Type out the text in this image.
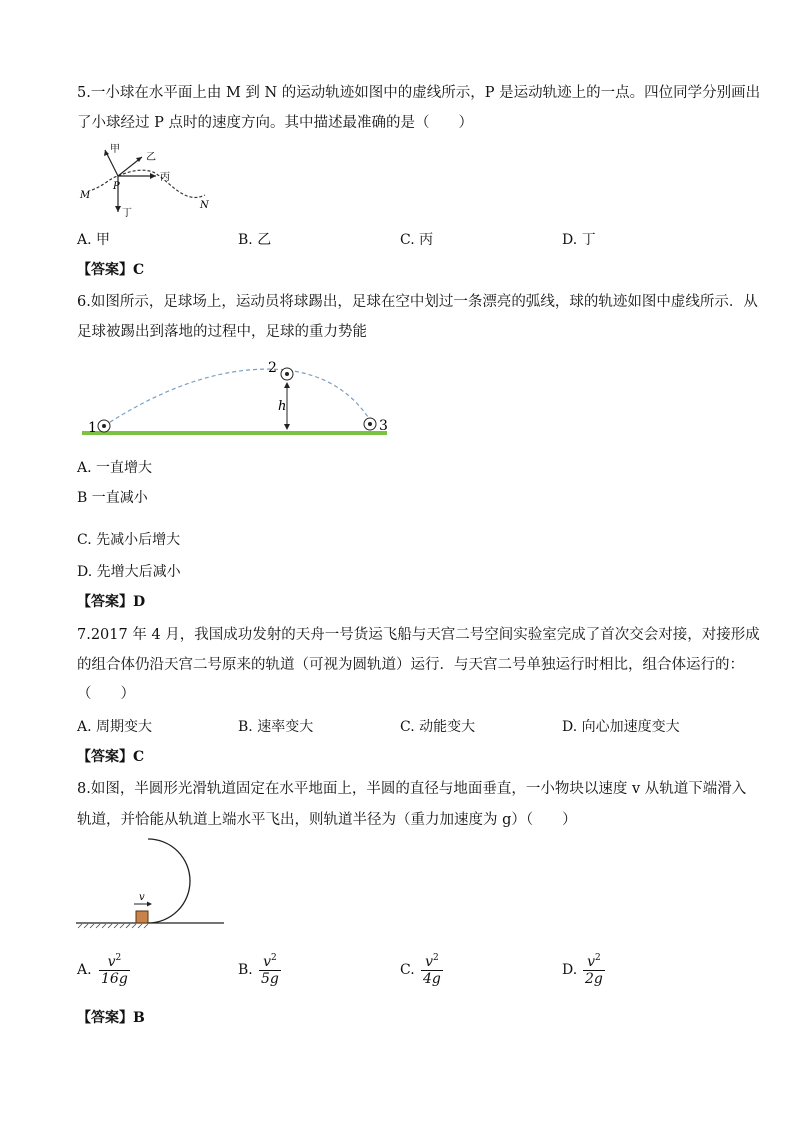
5.一小球在水平面上由 M 到 N 的运动轨迹如图中的虚线所示，P 是运动轨迹上的一点。四位同学分别画出
了小球经过 P 点时的速度方向。其中描述最准确的是（　　）
甲
乙
丙
丁
M
N
P
A. 甲	B. 乙	C. 丙	D. 丁
【答案】C
6.如图所示，足球场上，运动员将球踢出，足球在空中划过一条漂亮的弧线，球的轨迹如图中虚线所示．从
足球被踢出到落地的过程中，足球的重力势能
1
2
3
h
A. 一直增大
B 一直减小
C. 先减小后增大
D. 先增大后减小
【答案】D
7.2017 年 4 月，我国成功发射的天舟一号货运飞船与天宫二号空间实验室完成了首次交会对接，对接形成
的组合体仍沿天宫二号原来的轨道（可视为圆轨道）运行．与天宫二号单独运行时相比，组合体运行的：
（　　）
A. 周期变大	B. 速率变大	C. 动能变大	D. 向心加速度变大
【答案】C
8.如图，半圆形光滑轨道固定在水平地面上，半圆的直径与地面垂直，一小物块以速度 v 从轨道下端滑入
轨道，并恰能从轨道上端水平飞出，则轨道半径为（重力加速度为 g）（　　）
v
A. $\frac{v^2}{16g}$	B. $\frac{v^2}{5g}$	C. $\frac{v^2}{4g}$	D. $\frac{v^2}{2g}$
【答案】B
